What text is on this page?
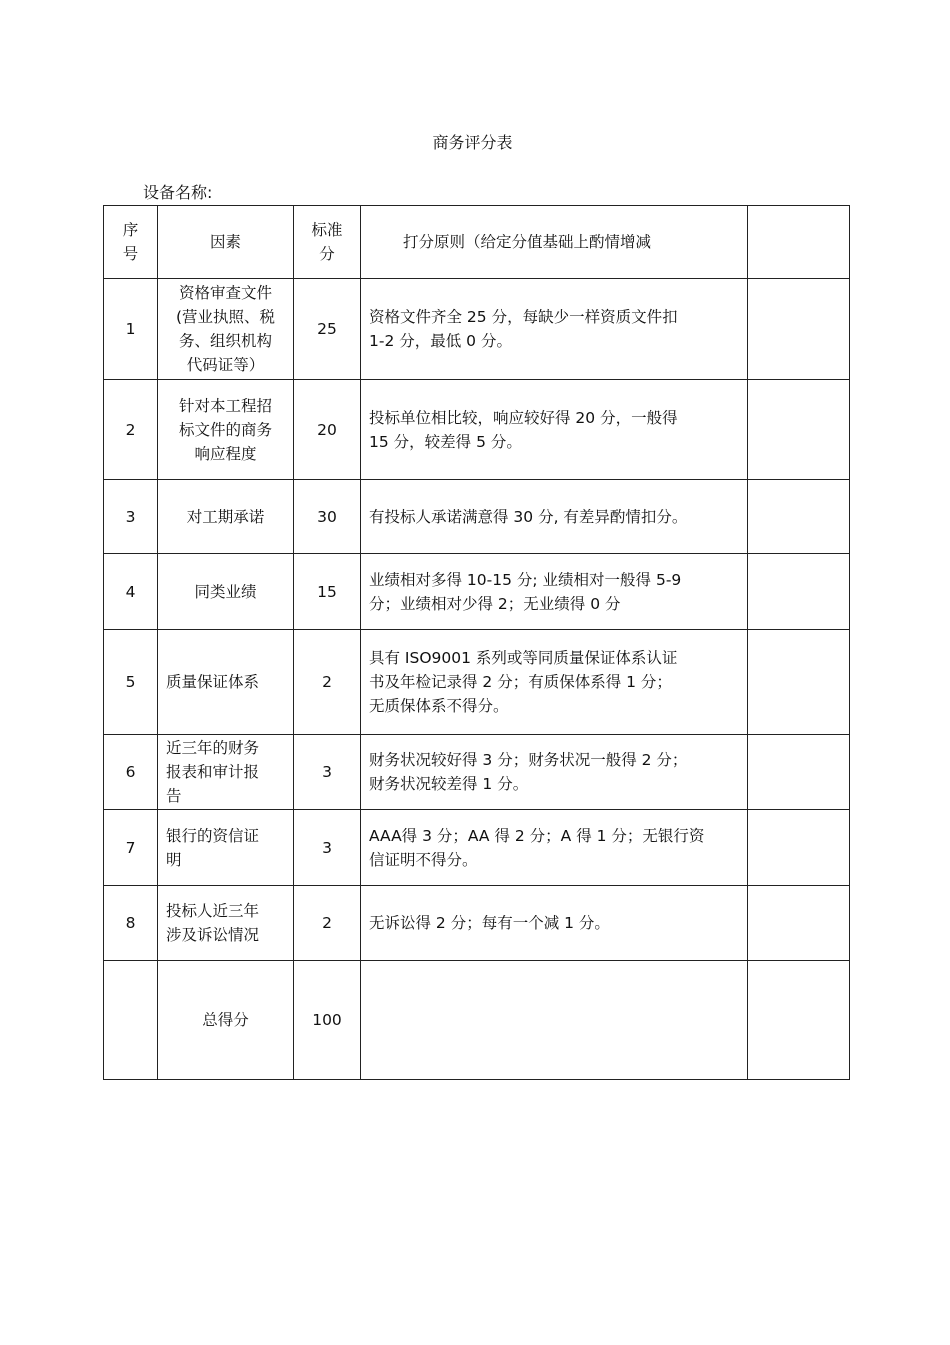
商务评分表
设备名称:
序
号	因素	标准
分	打分原则（给定分值基础上酌情增减	
1	资格审查文件
(营业执照、税
务、组织机构
代码证等）	25	资格文件齐全 25 分，每缺少一样资质文件扣
1-2 分，最低 0 分。	
2	针对本工程招
标文件的商务
响应程度	20	投标单位相比较，响应较好得 20 分，一般得
15 分，较差得 5 分。	
3	对工期承诺	30	有投标人承诺满意得 30 分, 有差异酌情扣分。	
4	同类业绩	15	业绩相对多得 10-15 分; 业绩相对一般得 5-9
分；业绩相对少得 2；无业绩得 0 分	
5	质量保证体系	2	具有 ISO9001 系列或等同质量保证体系认证
书及年检记录得 2 分；有质保体系得 1 分；
无质保体系不得分。	
6	近三年的财务
报表和审计报
告	3	财务状况较好得 3 分；财务状况一般得 2 分；
财务状况较差得 1 分。	
7	银行的资信证
明	3	AAA得 3 分；AA 得 2 分；A 得 1 分；无银行资
信证明不得分。	
8	投标人近三年
涉及诉讼情况	2	无诉讼得 2 分；每有一个减 1 分。	
	总得分	100		
